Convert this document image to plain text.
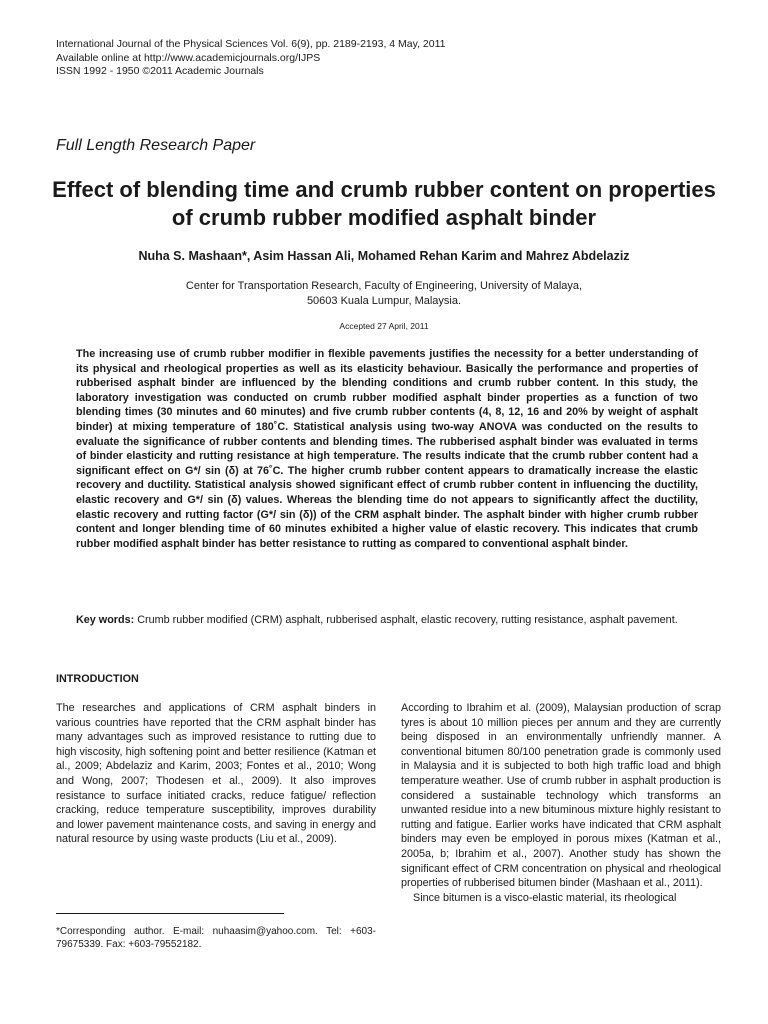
International Journal of the Physical Sciences Vol. 6(9), pp. 2189-2193, 4 May, 2011
Available online at http://www.academicjournals.org/IJPS
ISSN 1992 - 1950 ©2011 Academic Journals
Full Length Research Paper
Effect of blending time and crumb rubber content on properties of crumb rubber modified asphalt binder
Nuha S. Mashaan*, Asim Hassan Ali, Mohamed Rehan Karim and Mahrez Abdelaziz
Center for Transportation Research, Faculty of Engineering, University of Malaya,
50603 Kuala Lumpur, Malaysia.
Accepted 27 April, 2011
The increasing use of crumb rubber modifier in flexible pavements justifies the necessity for a better understanding of its physical and rheological properties as well as its elasticity behaviour. Basically the performance and properties of rubberised asphalt binder are influenced by the blending conditions and crumb rubber content. In this study, the laboratory investigation was conducted on crumb rubber modified asphalt binder properties as a function of two blending times (30 minutes and 60 minutes) and five crumb rubber contents (4, 8, 12, 16 and 20% by weight of asphalt binder) at mixing temperature of 180˚C. Statistical analysis using two-way ANOVA was conducted on the results to evaluate the significance of rubber contents and blending times. The rubberised asphalt binder was evaluated in terms of binder elasticity and rutting resistance at high temperature. The results indicate that the crumb rubber content had a significant effect on G*/ sin (δ) at 76˚C. The higher crumb rubber content appears to dramatically increase the elastic recovery and ductility. Statistical analysis showed significant effect of crumb rubber content in influencing the ductility, elastic recovery and G*/ sin (δ) values. Whereas the blending time do not appears to significantly affect the ductility, elastic recovery and rutting factor (G*/ sin (δ)) of the CRM asphalt binder. The asphalt binder with higher crumb rubber content and longer blending time of 60 minutes exhibited a higher value of elastic recovery. This indicates that crumb rubber modified asphalt binder has better resistance to rutting as compared to conventional asphalt binder.
Key words: Crumb rubber modified (CRM) asphalt, rubberised asphalt, elastic recovery, rutting resistance, asphalt pavement.
INTRODUCTION

The researches and applications of CRM asphalt binders in various countries have reported that the CRM asphalt binder has many advantages such as improved resistance to rutting due to high viscosity, high softening point and better resilience (Katman et al., 2009; Abdelaziz and Karim, 2003; Fontes et al., 2010; Wong and Wong, 2007; Thodesen et al., 2009). It also improves resistance to surface initiated cracks, reduce fatigue/ reflection cracking, reduce temperature susceptibility, improves durability and lower pavement maintenance costs, and saving in energy and natural resource by using waste products (Liu et al., 2009).

According to Ibrahim et al. (2009), Malaysian production of scrap tyres is about 10 million pieces per annum and they are currently being disposed in an environmentally unfriendly manner. A conventional bitumen 80/100 penetration grade is commonly used in Malaysia and it is subjected to both high traffic load and bhigh temperature weather. Use of crumb rubber in asphalt production is considered a sustainable technology which transforms an unwanted residue into a new bituminous mixture highly resistant to rutting and fatigue. Earlier works have indicated that CRM asphalt binders may even be employed in porous mixes (Katman et al., 2005a, b; Ibrahim et al., 2007). Another study has shown the significant effect of CRM concentration on physical and rheological properties of rubberised bitumen binder (Mashaan et al., 2011).

Since bitumen is a visco-elastic material, its rheological

*Corresponding author. E-mail: nuhaasim@yahoo.com. Tel: +603-79675339. Fax: +603-79552182.
